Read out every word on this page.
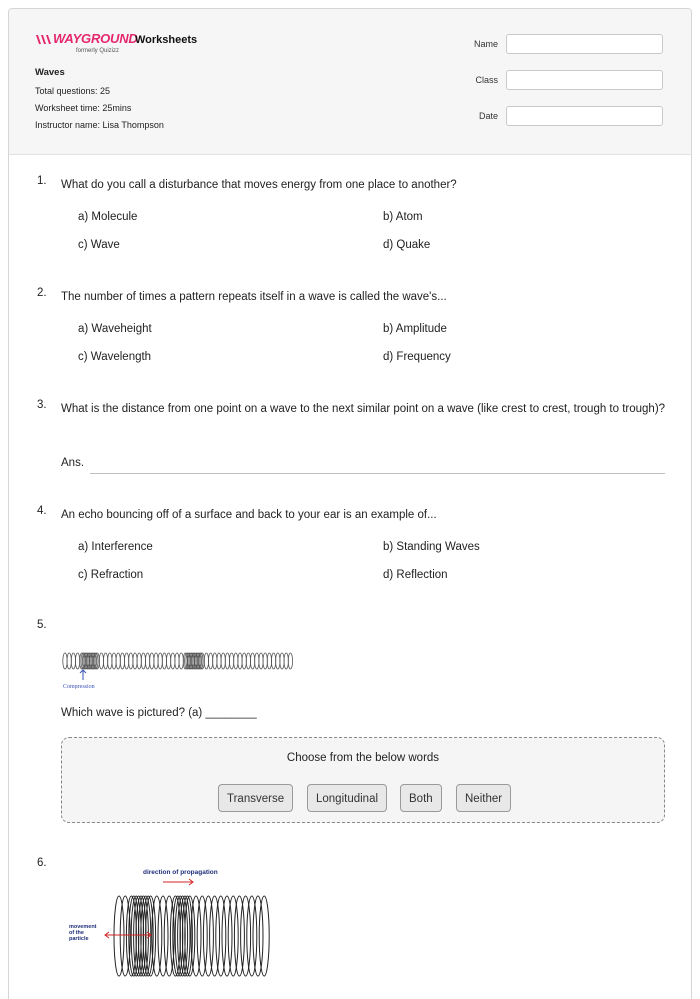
WAYGROUND
formerly Quizizz
Worksheets
Waves
Total questions: 25
Worksheet time: 25mins
Instructor name: Lisa Thompson
Name
Class
Date
1. What do you call a disturbance that moves energy from one place to another?
a) Molecule	b) Atom
c) Wave	d) Quake
2. The number of times a pattern repeats itself in a wave is called the wave's...
a) Waveheight	b) Amplitude
c) Wavelength	d) Frequency
3. What is the distance from one point on a wave to the next similar point on a wave (like crest to crest, trough to trough)?
Ans.
4. An echo bouncing off of a surface and back to your ear is an example of...
a) Interference	b) Standing Waves
c) Refraction	d) Reflection
5.
Compression
Which wave is pictured? (a) ________
Choose from the below words
Transverse	Longitudinal	Both	Neither
6.
direction of propagation
movement
of the
particle
